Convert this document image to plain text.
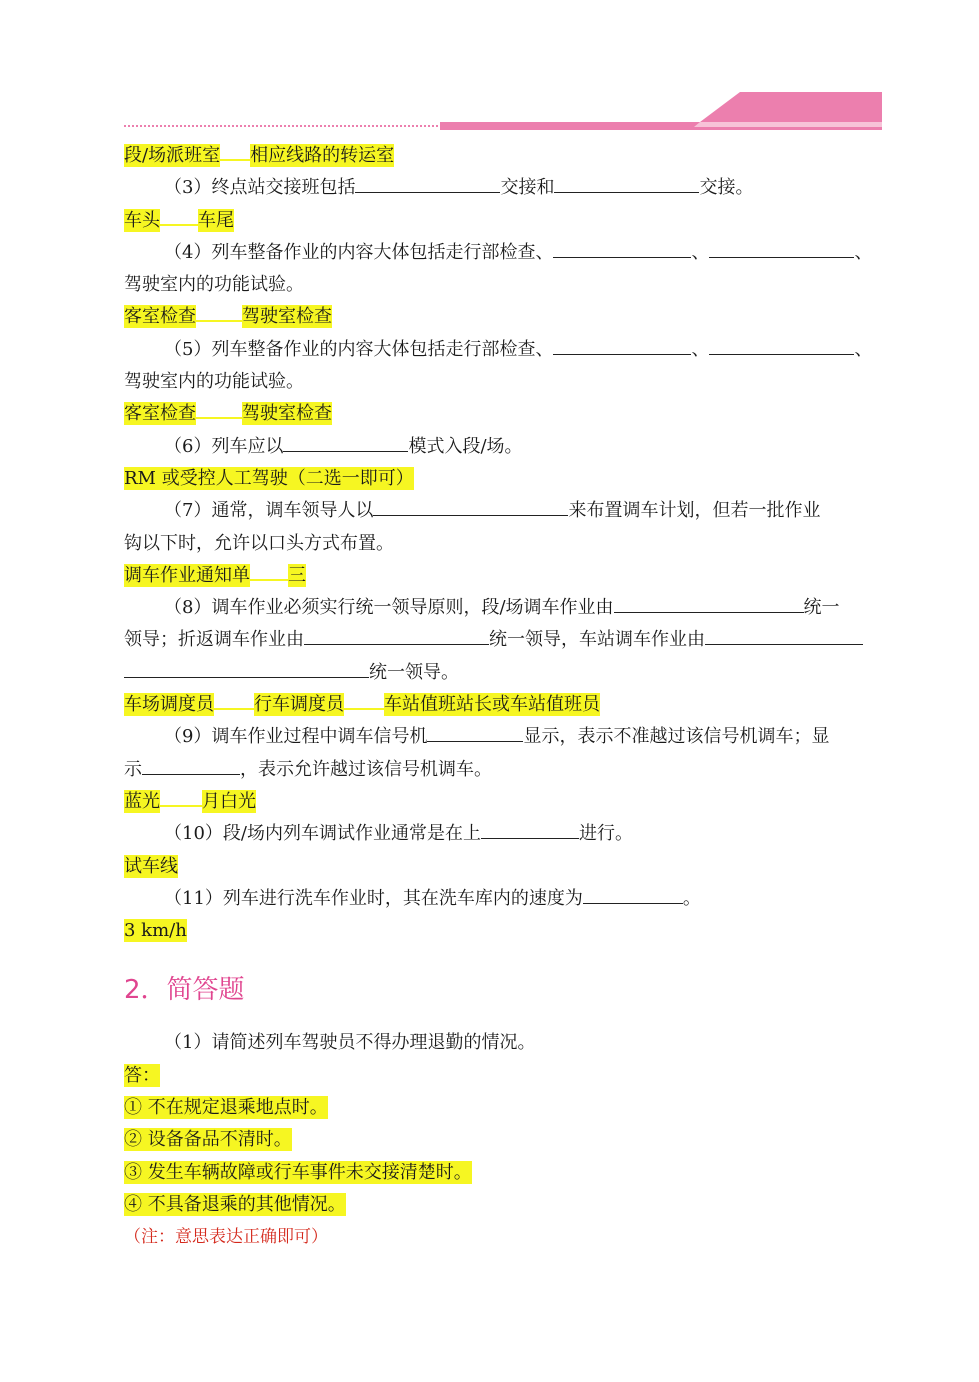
段/场派班室 相应线路的转运室
（3）终点站交接班包括	交接和	交接。
车头 车尾
（4）列车整备作业的内容大体包括走行部检查、	、	、
驾驶室内的功能试验。
客室检查	驾驶室检查
（5）列车整备作业的内容大体包括走行部检查、	、	、
驾驶室内的功能试验。
客室检查	驾驶室检查
（6）列车应以	模式入段/场。
RM 或受控人工驾驶（二选一即可）
（7）通常，调车领导人以	来布置调车计划，但若一批作业
钩以下时，允许以口头方式布置。
调车作业通知单 三
（8）调车作业必须实行统一领导原则，段/场调车作业由	统一
领导；折返调车作业由	统一领导，车站调车作业由
统一领导。
车场调度员 行车调度员 车站值班站长或车站值班员
（9）调车作业过程中调车信号机	显示，表示不准越过该信号机调车；显
示	，表示允许越过该信号机调车。
蓝光 月白光
（10）段/场内列车调试作业通常是在上	进行。
试车线
（11）列车进行洗车作业时，其在洗车库内的速度为	。
3 km/h
2．简答题
（1）请简述列车驾驶员不得办理退勤的情况。
答：
① 不在规定退乘地点时。
② 设备备品不清时。
③ 发生车辆故障或行车事件未交接清楚时。
④ 不具备退乘的其他情况。
（注：意思表达正确即可）
